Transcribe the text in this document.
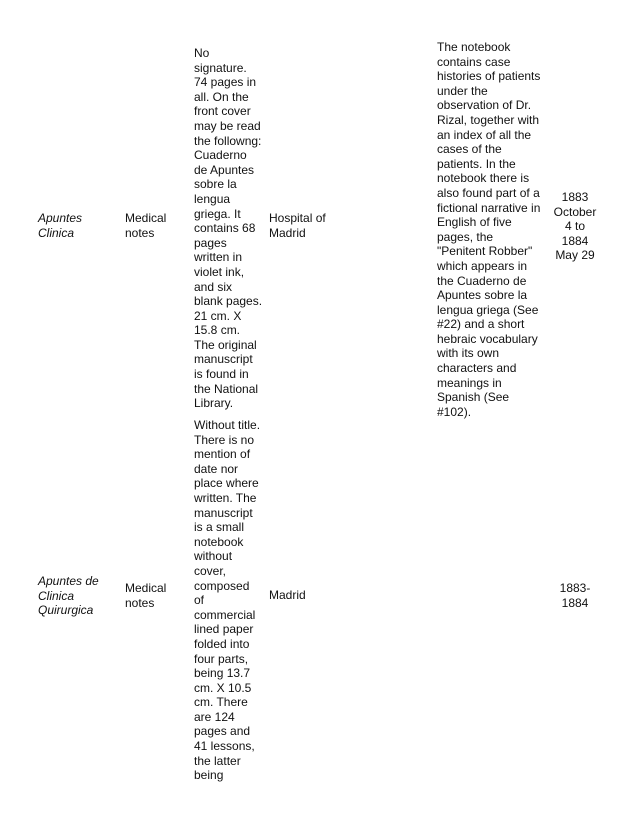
Apuntes
Clinica
Medical
notes
No
signature.
74 pages in
all. On the
front cover
may be read
the followng:
Cuaderno
de Apuntes
sobre la
lengua
griega. It
contains 68
pages
written in
violet ink,
and six
blank pages.
21 cm. X
15.8 cm.
The original
manuscript
is found in
the National
Library.
Hospital of
Madrid
The notebook
contains case
histories of patients
under the
observation of Dr.
Rizal, together with
an index of all the
cases of the
patients. In the
notebook there is
also found part of a
fictional narrative in
English of five
pages, the
"Penitent Robber"
which appears in
the Cuaderno de
Apuntes sobre la
lengua griega (See
#22) and a short
hebraic vocabulary
with its own
characters and
meanings in
Spanish (See
#102).
1883
October
4 to
1884
May 29
Apuntes de
Clinica
Quirurgica
Medical
notes
Without title.
There is no
mention of
date nor
place where
written. The
manuscript
is a small
notebook
without
cover,
composed
of
commercial
lined paper
folded into
four parts,
being 13.7
cm. X 10.5
cm. There
are 124
pages and
41 lessons,
the latter
being
Madrid	1883-
1884
